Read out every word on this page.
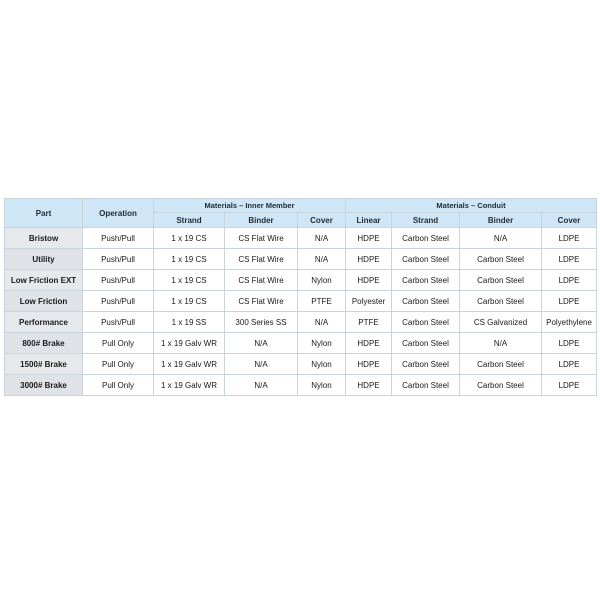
Part	Operation	Materials – Inner Member			Materials – Conduit			
		Strand	Binder	Cover	Linear	Strand	Binder	Cover
Bristow	Push/Pull	1 x 19 CS	CS Flat Wire	N/A	HDPE	Carbon Steel	N/A	LDPE
Utility	Push/Pull	1 x 19 CS	CS Flat Wire	N/A	HDPE	Carbon Steel	Carbon Steel	LDPE
Low Friction EXT	Push/Pull	1 x 19 CS	CS Flat Wire	Nylon	HDPE	Carbon Steel	Carbon Steel	LDPE
Low Friction	Push/Pull	1 x 19 CS	CS Flat Wire	PTFE	Polyester	Carbon Steel	Carbon Steel	LDPE
Performance	Push/Pull	1 x 19 SS	300 Series SS	N/A	PTFE	Carbon Steel	CS Galvanized	Polyethylene
800# Brake	Pull Only	1 x 19 Galv WR	N/A	Nylon	HDPE	Carbon Steel	N/A	LDPE
1500# Brake	Pull Only	1 x 19 Galv WR	N/A	Nylon	HDPE	Carbon Steel	Carbon Steel	LDPE
3000# Brake	Pull Only	1 x 19 Galv WR	N/A	Nylon	HDPE	Carbon Steel	Carbon Steel	LDPE
